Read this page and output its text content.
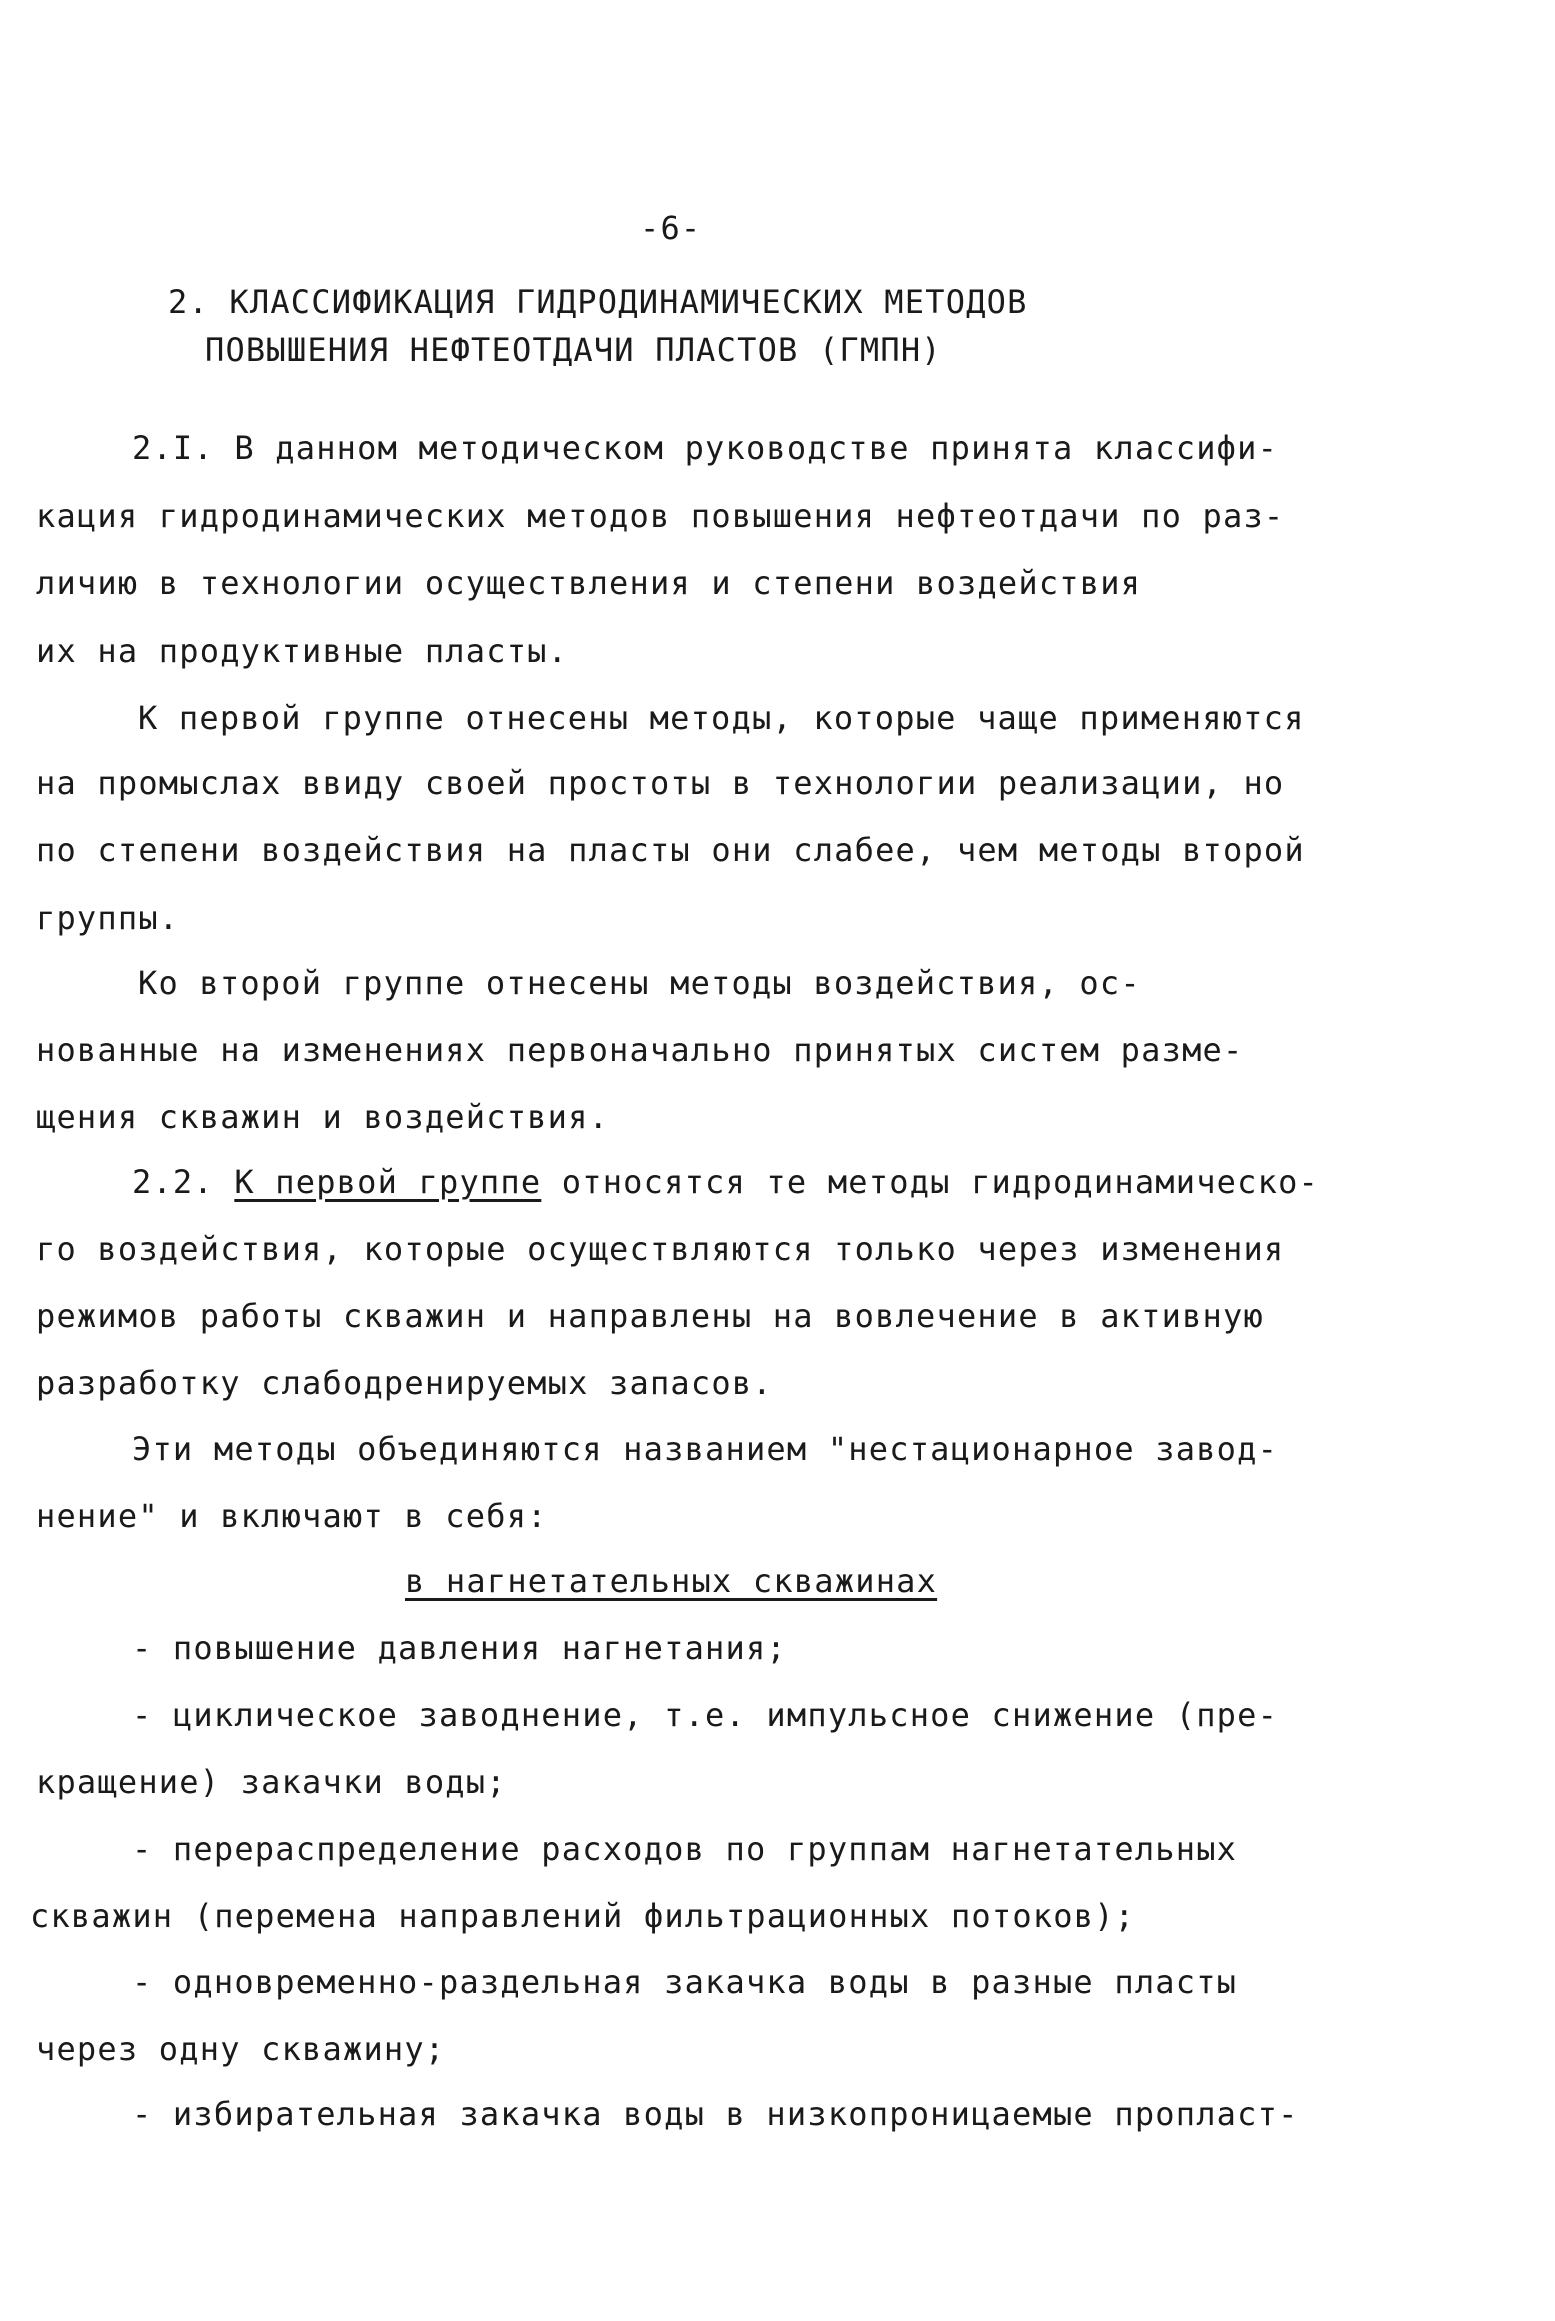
-6-
2. КЛАССИФИКАЦИЯ ГИДРОДИНАМИЧЕСКИХ МЕТОДОВ
ПОВЫШЕНИЯ НЕФТЕОТДАЧИ ПЛАСТОВ (ГМПН)
2.I. В данном методическом руководстве принята классифи-
кация гидродинамических методов повышения нефтеотдачи по раз-
личию в технологии осуществления и степени воздействия
их на продуктивные пласты.
К первой группе отнесены методы, которые чаще применяются
на промыслах ввиду своей простоты в технологии реализации, но
по степени воздействия на пласты они слабее, чем методы второй
группы.
Ко второй группе отнесены методы воздействия, ос-
нованные на изменениях первоначально принятых систем разме-
щения скважин и воздействия.
2.2. К первой группе относятся те методы гидродинамическо-
го воздействия, которые осуществляются только через изменения
режимов работы скважин и направлены на вовлечение в активную
разработку слабодренируемых запасов.
Эти методы объединяются названием "нестационарное завод-
нение" и включают в себя:
в нагнетательных скважинах
- повышение давления нагнетания;
- циклическое заводнение, т.е. импульсное снижение (пре-
кращение) закачки воды;
- перераспределение расходов по группам нагнетательных
скважин (перемена направлений фильтрационных потоков);
- одновременно-раздельная закачка воды в разные пласты
через одну скважину;
- избирательная закачка воды в низкопроницаемые пропласт-
